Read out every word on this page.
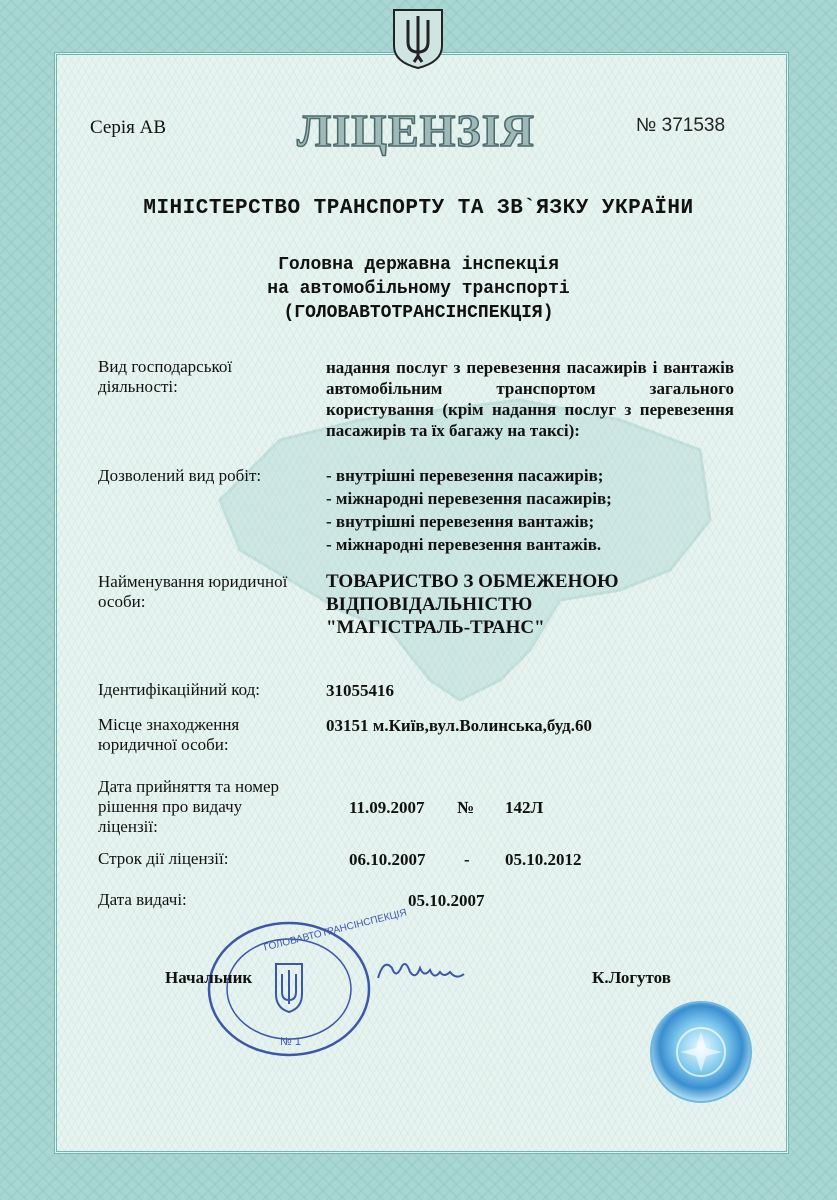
Серія АВ	ЛІЦЕНЗІЯ	№ 371538
МІНІСТЕРСТВО ТРАНСПОРТУ ТА ЗВ`ЯЗКУ УКРАЇНИ
Головна державна інспекція
на автомобільному транспорті
(ГОЛОВАВТОТРАНСІНСПЕКЦІЯ)
Вид господарської
діяльності:
надання послуг з перевезення пасажирів і вантажів автомобільним транспортом загального користування (крім надання послуг з перевезення пасажирів та їх багажу на таксі):
Дозволений вид робіт:	- внутрішні перевезення пасажирів;
- міжнародні перевезення пасажирів;
- внутрішні перевезення вантажів;
- міжнародні перевезення вантажів.
Найменування юридичної
особи:
ТОВАРИСТВО З ОБМЕЖЕНОЮ
ВІДПОВІДАЛЬНІСТЮ
"МАГІСТРАЛЬ-ТРАНС"
Ідентифікаційний код:	31055416
Місце знаходження
юридичної особи:
03151 м.Київ,вул.Волинська,буд.60
Дата прийняття та номер
рішення про видачу
ліцензії:
11.09.2007 № 142Л
Строк дії ліцензії:	06.10.2007 - 05.10.2012
Дата видачі:	05.10.2007
ГОЛОВАВТОТРАНСІНСПЕКЦІЯ
№ 1
Начальник	К.Логутов
